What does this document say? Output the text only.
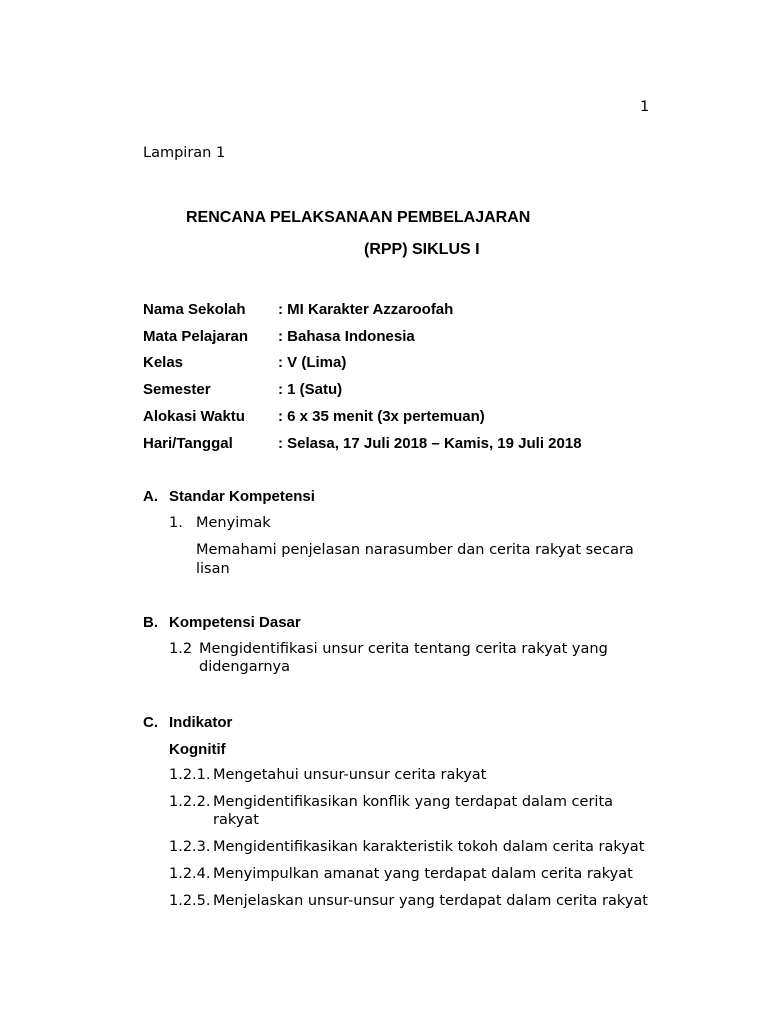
1
Lampiran 1
RENCANA PELAKSANAAN PEMBELAJARAN
(RPP) SIKLUS I
Nama Sekolah : MI Karakter Azzaroofah
Mata Pelajaran : Bahasa Indonesia
Kelas	: V (Lima)
Semester	: 1 (Satu)
Alokasi Waktu : 6 x 35 menit (3x pertemuan)
Hari/Tanggal	: Selasa, 17 Juli 2018 – Kamis, 19 Juli 2018
A. Standar Kompetensi
1. Menyimak
Memahami penjelasan narasumber dan cerita rakyat secara
lisan
B. Kompetensi Dasar
1.2 Mengidentifikasi unsur cerita tentang cerita rakyat yang
didengarnya
C. Indikator
Kognitif
1.2.1. Mengetahui unsur-unsur cerita rakyat
1.2.2. Mengidentifikasikan konflik yang terdapat dalam cerita
rakyat
1.2.3. Mengidentifikasikan karakteristik tokoh dalam cerita rakyat
1.2.4. Menyimpulkan amanat yang terdapat dalam cerita rakyat
1.2.5. Menjelaskan unsur-unsur yang terdapat dalam cerita rakyat
